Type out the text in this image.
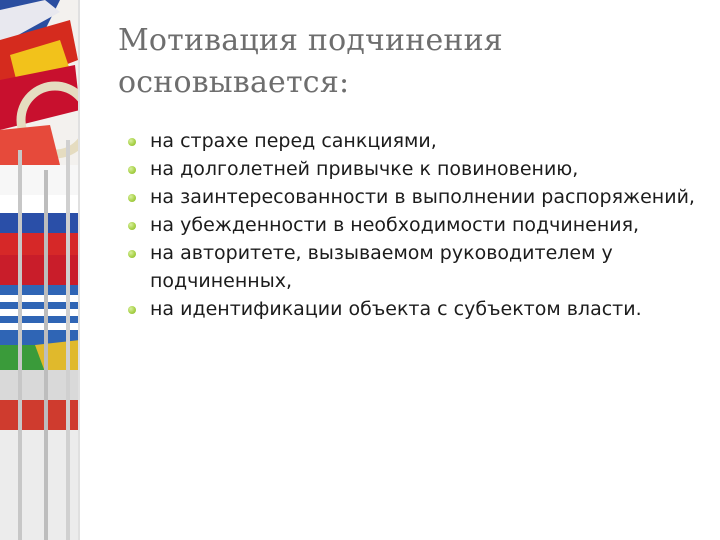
Мотивация подчинения
основывается:
на страхе перед санкциями,
на долголетней привычке к повиновению,
на заинтересованности в выполнении распоряжений,
на убежденности в необходимости подчинения,
на авторитете, вызываемом руководителем у подчиненных,
на идентификации объекта с субъектом власти.
